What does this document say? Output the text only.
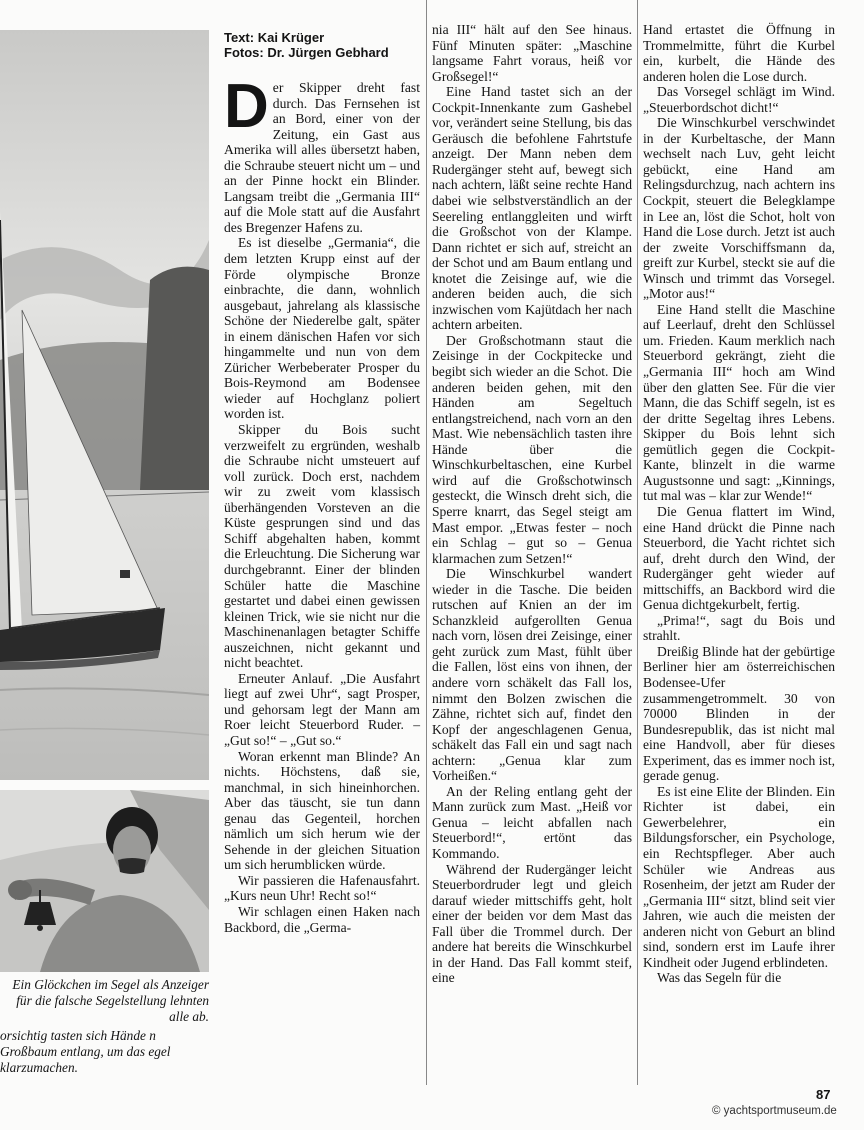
Ein Glöckchen im Segel als Anzeiger für die falsche Segelstellung lehnten alle ab.
orsichtig tasten sich Hände n Großbaum entlang, um das egel klarzumachen.
Text: Kai Krüger
Fotos: Dr. Jürgen Gebhard

Der Skipper dreht fast durch. Das Fernsehen ist an Bord, einer von der Zeitung, ein Gast aus Amerika will alles übersetzt haben, die Schraube steuert nicht um – und an der Pinne hockt ein Blinder. Langsam treibt die „Germania III“ auf die Mole statt auf die Ausfahrt des Bregenzer Hafens zu.

Es ist dieselbe „Germania“, die dem letzten Krupp einst auf der Förde olympische Bronze einbrachte, die dann, wohnlich ausgebaut, jahrelang als klassische Schöne der Niederelbe galt, später in einem dänischen Hafen vor sich hingammelte und nun von dem Züricher Werbeberater Prosper du Bois-Reymond am Bodensee wieder auf Hochglanz poliert worden ist.

Skipper du Bois sucht verzweifelt zu ergründen, weshalb die Schraube nicht umsteuert auf voll zurück. Doch erst, nachdem wir zu zweit vom klassisch überhängenden Vorsteven an die Küste gesprungen sind und das Schiff abgehalten haben, kommt die Erleuchtung. Die Sicherung war durchgebrannt. Einer der blinden Schüler hatte die Maschine gestartet und dabei einen gewissen kleinen Trick, wie sie nicht nur die Maschinenanlagen betagter Schiffe auszeichnen, nicht gekannt und nicht beachtet.

Erneuter Anlauf. „Die Ausfahrt liegt auf zwei Uhr“, sagt Prosper, und gehorsam legt der Mann am Roer leicht Steuerbord Ruder. – „Gut so!“ – „Gut so.“

Woran erkennt man Blinde? An nichts. Höchstens, daß sie, manchmal, in sich hineinhorchen. Aber das täuscht, sie tun dann genau das Gegenteil, horchen nämlich um sich herum wie der Sehende in der gleichen Situation um sich herumblicken würde.

Wir passieren die Hafenausfahrt. „Kurs neun Uhr! Recht so!“

Wir schlagen einen Haken nach Backbord, die „Germa-

nia III“ hält auf den See hinaus. Fünf Minuten später: „Maschine langsame Fahrt voraus, heiß vor Großsegel!“

Eine Hand tastet sich an der Cockpit-Innenkante zum Gashebel vor, verändert seine Stellung, bis das Geräusch die befohlene Fahrtstufe anzeigt. Der Mann neben dem Rudergänger steht auf, bewegt sich nach achtern, läßt seine rechte Hand dabei wie selbstverständlich an der Seereling entlanggleiten und wirft die Großschot von der Klampe. Dann richtet er sich auf, streicht an der Schot und am Baum entlang und knotet die Zeisinge auf, wie die anderen beiden auch, die sich inzwischen vom Kajütdach her nach achtern arbeiten.

Der Großschotmann staut die Zeisinge in der Cockpitecke und begibt sich wieder an die Schot. Die anderen beiden gehen, mit den Händen am Segeltuch entlangstreichend, nach vorn an den Mast. Wie nebensächlich tasten ihre Hände über die Winschkurbeltaschen, eine Kurbel wird auf die Großschotwinsch gesteckt, die Winsch dreht sich, die Sperre knarrt, das Segel steigt am Mast empor. „Etwas fester – noch ein Schlag – gut so – Genua klarmachen zum Setzen!“

Die Winschkurbel wandert wieder in die Tasche. Die beiden rutschen auf Knien an der im Schanzkleid aufgerollten Genua nach vorn, lösen drei Zeisinge, einer geht zurück zum Mast, fühlt über die Fallen, löst eins von ihnen, der andere vorn schäkelt das Fall los, nimmt den Bolzen zwischen die Zähne, richtet sich auf, findet den Kopf der angeschlagenen Genua, schäkelt das Fall ein und sagt nach achtern: „Genua klar zum Vorheißen.“

An der Reling entlang geht der Mann zurück zum Mast. „Heiß vor Genua – leicht abfallen nach Steuerbord!“, ertönt das Kommando.

Während der Rudergänger leicht Steuerbordruder legt und gleich darauf wieder mittschiffs geht, holt einer der beiden vor dem Mast das Fall über die Trommel durch. Der andere hat bereits die Winschkurbel in der Hand. Das Fall kommt steif, eine

Hand ertastet die Öffnung in Trommelmitte, führt die Kurbel ein, kurbelt, die Hände des anderen holen die Lose durch.

Das Vorsegel schlägt im Wind. „Steuerbordschot dicht!“

Die Winschkurbel verschwindet in der Kurbeltasche, der Mann wechselt nach Luv, geht leicht gebückt, eine Hand am Relingsdurchzug, nach achtern ins Cockpit, steuert die Belegklampe in Lee an, löst die Schot, holt von Hand die Lose durch. Jetzt ist auch der zweite Vorschiffsmann da, greift zur Kurbel, steckt sie auf die Winsch und trimmt das Vorsegel. „Motor aus!“

Eine Hand stellt die Maschine auf Leerlauf, dreht den Schlüssel um. Frieden. Kaum merklich nach Steuerbord gekrängt, zieht die „Germania III“ hoch am Wind über den glatten See. Für die vier Mann, die das Schiff segeln, ist es der dritte Segeltag ihres Lebens. Skipper du Bois lehnt sich gemütlich gegen die Cockpit-Kante, blinzelt in die warme Augustsonne und sagt: „Kinnings, tut mal was – klar zur Wende!“

Die Genua flattert im Wind, eine Hand drückt die Pinne nach Steuerbord, die Yacht richtet sich auf, dreht durch den Wind, der Rudergänger geht wieder auf mittschiffs, an Backbord wird die Genua dichtgekurbelt, fertig.

„Prima!“, sagt du Bois und strahlt.

Dreißig Blinde hat der gebürtige Berliner hier am österreichischen Bodensee-Ufer zusammengetrommelt. 30 von 70000 Blinden in der Bundesrepublik, das ist nicht mal eine Handvoll, aber für dieses Experiment, das es immer noch ist, gerade genug.

Es ist eine Elite der Blinden. Ein Richter ist dabei, ein Gewerbelehrer, ein Bildungsforscher, ein Psychologe, ein Rechtspfleger. Aber auch Schüler wie Andreas aus Rosenheim, der jetzt am Ruder der „Germania III“ sitzt, blind seit vier Jahren, wie auch die meisten der anderen nicht von Geburt an blind sind, sondern erst im Laufe ihrer Kindheit oder Jugend erblindeten.

Was das Segeln für die

87
© yachtsportmuseum.de
